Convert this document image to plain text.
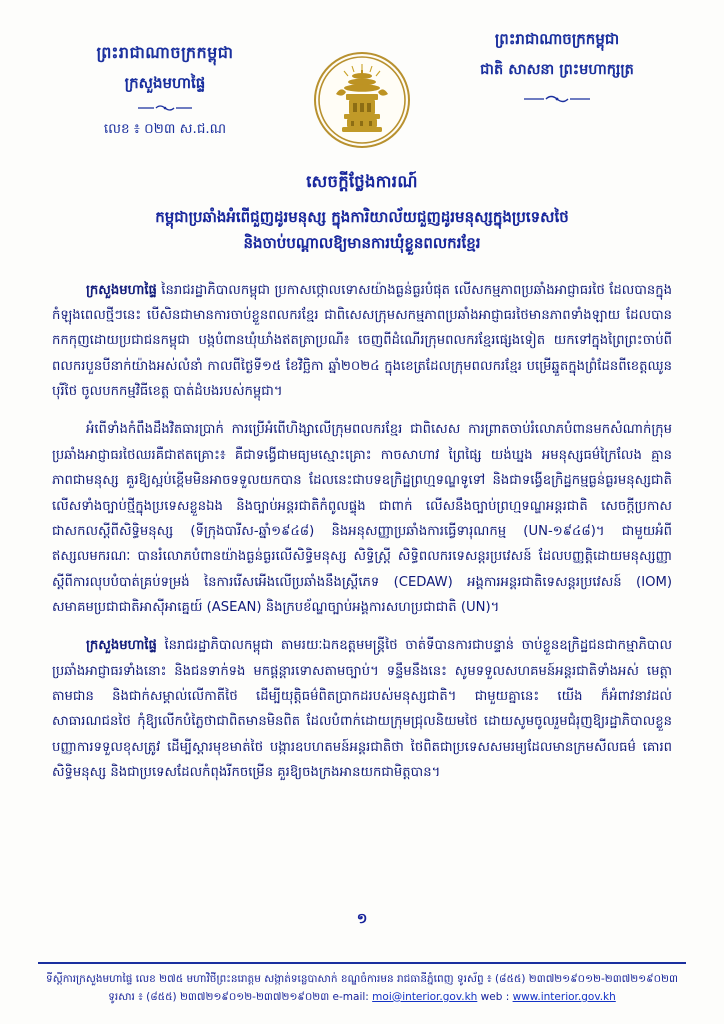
ព្រះរាជាណាចក្រកម្ពុជា
ក្រសួងមហាផ្ទៃ
លេខ ៖ ០២៣ ស.ជ.ណ
ព្រះរាជាណាចក្រកម្ពុជា
ជាតិ សាសនា ព្រះមហាក្សត្រ
សេចក្តីថ្លែងការណ៍
កម្ពុជាប្រឆាំងអំពើជួញដូរមនុស្ស ក្នុងការិយាល័យជួញដូរមនុស្សក្នុងប្រទេសថៃ
និងចាប់បណ្តាលឱ្យមានការឃុំខ្លួនពលករខ្មែរ

ក្រសួងមហាផ្ទៃ នៃរាជរដ្ឋាភិបាលកម្ពុជា ប្រកាសថ្កោលទោសយ៉ាងធ្ងន់ធ្ងរបំផុត លើសកម្មភាពប្រឆាំងអាជ្ញាធរថៃ ដែលបានក្នុងកំឡុងពេលថ្មីៗនេះ បើសិនជាមានការចាប់ខ្លួនពលករខ្មែរ ជាពិសេសក្រុមសកម្មភាពប្រឆាំងអាជ្ញាធរថៃមានភាពទាំងឡាយ ដែលបានកកកុញដោយប្រជាជនកម្ពុជា បង្កបំពានឃុំឃាំងឥតត្រាប្រណី៖ ចេញពីដំណើរក្រុមពលករខ្មែរផ្សេងទៀត យកទៅក្នុងព្រៃព្រះចាប់ពីពលករបួនបីនាក់យ៉ាងអស់លំនាំ កាលពីថ្ងៃទី១៥ ខែវិច្ឆិកា ឆ្នាំ២០២៤ ក្នុងខេត្រដែលក្រុមពលករខ្មែរ បម្រើឆ្នួតក្នុងព្រំដែនពីខេត្តឈូនបុរីថៃ ចូលបកកម្មវិធីខេត្ត បាត់ដំបងរបស់កម្ពុជា។

អំពើទាំងកំពឹងដឹងវិតធារប្រាក់ ការប្រើអំពើហិង្សាលើក្រុមពលករខ្មែរ ជាពិសេស ការព្រាតចាប់រំលោភបំពានមកសំណាក់ក្រុមប្រឆាំងអាជ្ញាធរថៃឈរគឺជាឥតគ្រោះ៖ គឺជាទង្វើជាមធ្យមស្មោះគ្រោះ កាចសាហាវ ព្រៃផ្សៃ យង់ឃ្នង អមនុស្សធម៌ក្រៃលែង គ្មានភាពជាមនុស្ស គួរឱ្យស្អប់ខ្ពើមមិនអាចទទួលយកបាន ដែលនេះជាបទឧក្រិដ្ឋព្រហ្មទណ្ឌទូទៅ និងជាទង្វើឧក្រិដ្ឋកម្មធ្ងន់ធ្ងរមនុស្សជាតិ លើសទាំងច្បាប់ថ្មីក្នុងប្រទេសខ្លួនឯង និងច្បាប់អន្តរជាតិកំពូលផ្ទុង ជាពាក់ លើសនឹងច្បាប់ព្រហ្មទណ្ឌអន្តរជាតិ សេចក្តីប្រកាសជាសកលស្តីពីសិទ្ធិមនុស្ស (ទីក្រុងបារីស-ឆ្នាំ១៩៤៨) និងអនុសញ្ញាប្រឆាំងការធ្វើទារុណកម្ម (UN-១៩៤៨)។ ជាមួយអំពីឥស្សលមករណៈ បានរំលោភបំពានយ៉ាងធ្ងន់ធ្ងរលើសិទ្ធិមនុស្ស សិទ្ធិស្ត្រី សិទ្ធិពលករទេសន្តរប្រវេសន៍ ដែលបញ្ញត្តិដោយមនុស្សញ្ញាស្តីពីការលុបបំបាត់គ្រប់ទម្រង់ នៃការរើសអើងលើប្រឆាំងនឹងស្ត្រីភេទ (CEDAW) អង្គការអន្តរជាតិទេសន្តរប្រវេសន៍ (IOM) សមាគមប្រជាជាតិអាស៊ីអាគ្នេយ៍ (ASEAN) និងក្របខ័ណ្ឌច្បាប់អង្គការសហប្រជាជាតិ (UN)។

ក្រសួងមហាផ្ទៃ នៃរាជរដ្ឋាភិបាលកម្ពុជា តាមរយៈឯកឧត្តមមន្ត្រីថៃ ចាត់ទីបានការជាបន្ទាន់ ចាប់ខ្លួនឧក្រិដ្ឋជនជាកម្មាភិបាលប្រឆាំងអាជ្ញាធរទាំងនោះ និងជនទាក់ទង មកផ្តន្តារទោសតាមច្បាប់។ ទន្ទឹមនឹងនេះ សូមទទួលសហគមន៍អន្តរជាតិទាំងអស់ មេត្តាតាមជាន និងជាក់សម្គាល់លើកាតីថៃ ដើម្បីយុត្តិធម៌ពិតប្រាកដរបស់មនុស្សជាតិ។ ជាមួយគ្នានេះ យើង ក៏អំពាវនាវដល់សាធារណជនថៃ កុំឱ្យលើកបំភ្លៃថាជាពិតមានមិនពិត ដែលបំពាក់ដោយក្រុមជ្រុលនិយមថៃ ដោយសូមចូលរួមជំរុញឱ្យរដ្ឋាភិបាលខ្លួន បញ្ញាការទទួលខុសត្រូវ ដើម្បីស្តារមុខមាត់ថៃ បង្ការឧបហតមន៍អន្តរជាតិថា ថៃពិតជាប្រទេសសមរម្យដែលមានក្រមសីលធម៌ គោរពសិទ្ធិមនុស្ស និងជាប្រទេសដែលកំពុងរីកចម្រើន គួរឱ្យចងក្រងអានយកជាមិត្តបាន។

១
ទីស្តីការក្រសួងមហាផ្ទៃ លេខ ២៧៥ មហាវិថីព្រះនរោត្តម សង្កាត់ទន្លេបាសាក់ ខណ្ឌចំការមន រាជធានីភ្នំពេញ ទូរស័ព្ទ ៖ (៨៥៥) ២៣៧២១៩០១២-២៣៧២១៩០២៣
ទូរសារ ៖ (៨៥៥) ២៣៧២១៩០១២-២៣៧២១៩០២៣ e-mail: moi@interior.gov.kh web : www.interior.gov.kh
